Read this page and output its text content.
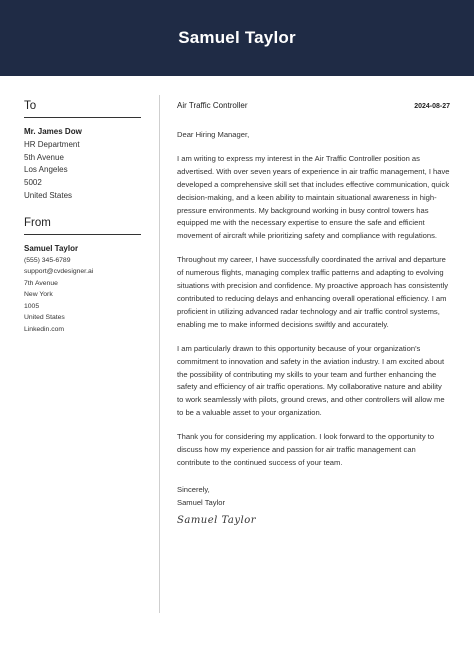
Samuel Taylor
To
Mr. James Dow
HR Department
5th Avenue
Los Angeles
5002
United States
From
Samuel Taylor
(555) 345-6789
support@cvdesigner.ai
7th Avenue
New York
1005
United States
Linkedin.com
Air Traffic Controller	2024-08-27

Dear Hiring Manager,

I am writing to express my interest in the Air Traffic Controller position as advertised. With over seven years of experience in air traffic management, I have developed a comprehensive skill set that includes effective communication, quick decision-making, and a keen ability to maintain situational awareness in high-pressure environments. My background working in busy control towers has equipped me with the necessary expertise to ensure the safe and efficient movement of aircraft while prioritizing safety and compliance with regulations.

Throughout my career, I have successfully coordinated the arrival and departure of numerous flights, managing complex traffic patterns and adapting to evolving situations with precision and confidence. My proactive approach has consistently contributed to reducing delays and enhancing overall operational efficiency. I am proficient in utilizing advanced radar technology and air traffic control systems, enabling me to make informed decisions swiftly and accurately.

I am particularly drawn to this opportunity because of your organization's commitment to innovation and safety in the aviation industry. I am excited about the possibility of contributing my skills to your team and further enhancing the safety and efficiency of air traffic operations. My collaborative nature and ability to work seamlessly with pilots, ground crews, and other controllers will allow me to be a valuable asset to your organization.

Thank you for considering my application. I look forward to the opportunity to discuss how my experience and passion for air traffic management can contribute to the continued success of your team.

Sincerely,

Samuel Taylor

Samuel Taylor
